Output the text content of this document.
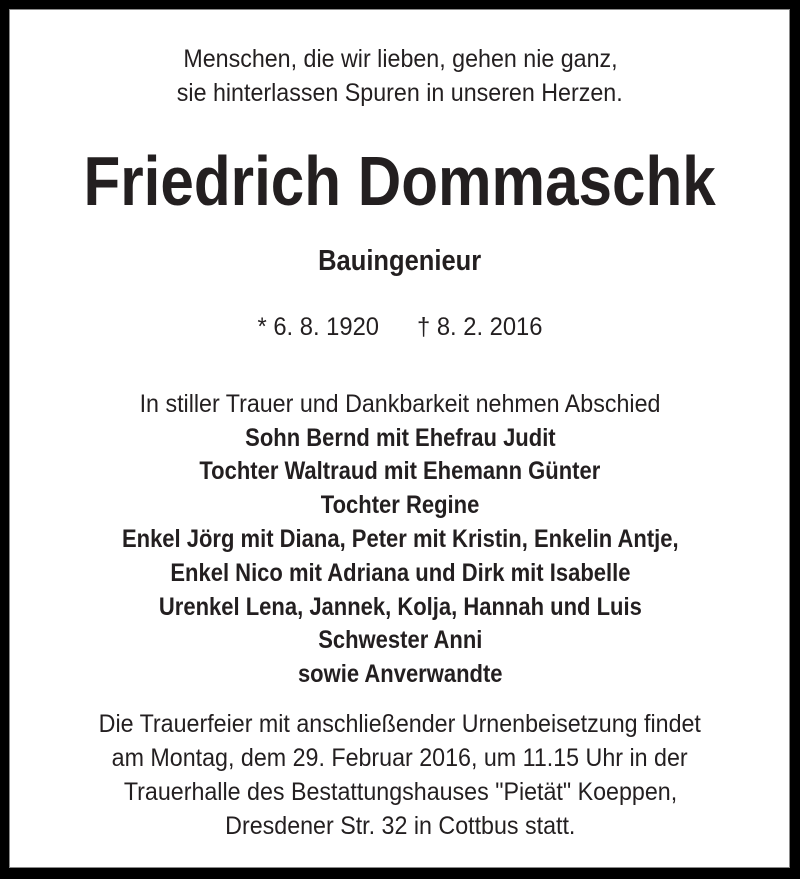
Menschen, die wir lieben, gehen nie ganz,
sie hinterlassen Spuren in unseren Herzen.
Friedrich Dommaschk
Bauingenieur
* 6. 8. 1920 † 8. 2. 2016
In stiller Trauer und Dankbarkeit nehmen Abschied
Sohn Bernd mit Ehefrau Judit
Tochter Waltraud mit Ehemann Günter
Tochter Regine
Enkel Jörg mit Diana, Peter mit Kristin, Enkelin Antje,
Enkel Nico mit Adriana und Dirk mit Isabelle
Urenkel Lena, Jannek, Kolja, Hannah und Luis
Schwester Anni
sowie Anverwandte
Die Trauerfeier mit anschließender Urnenbeisetzung findet
am Montag, dem 29. Februar 2016, um 11.15 Uhr in der
Trauerhalle des Bestattungshauses "Pietät" Koeppen,
Dresdener Str. 32 in Cottbus statt.
